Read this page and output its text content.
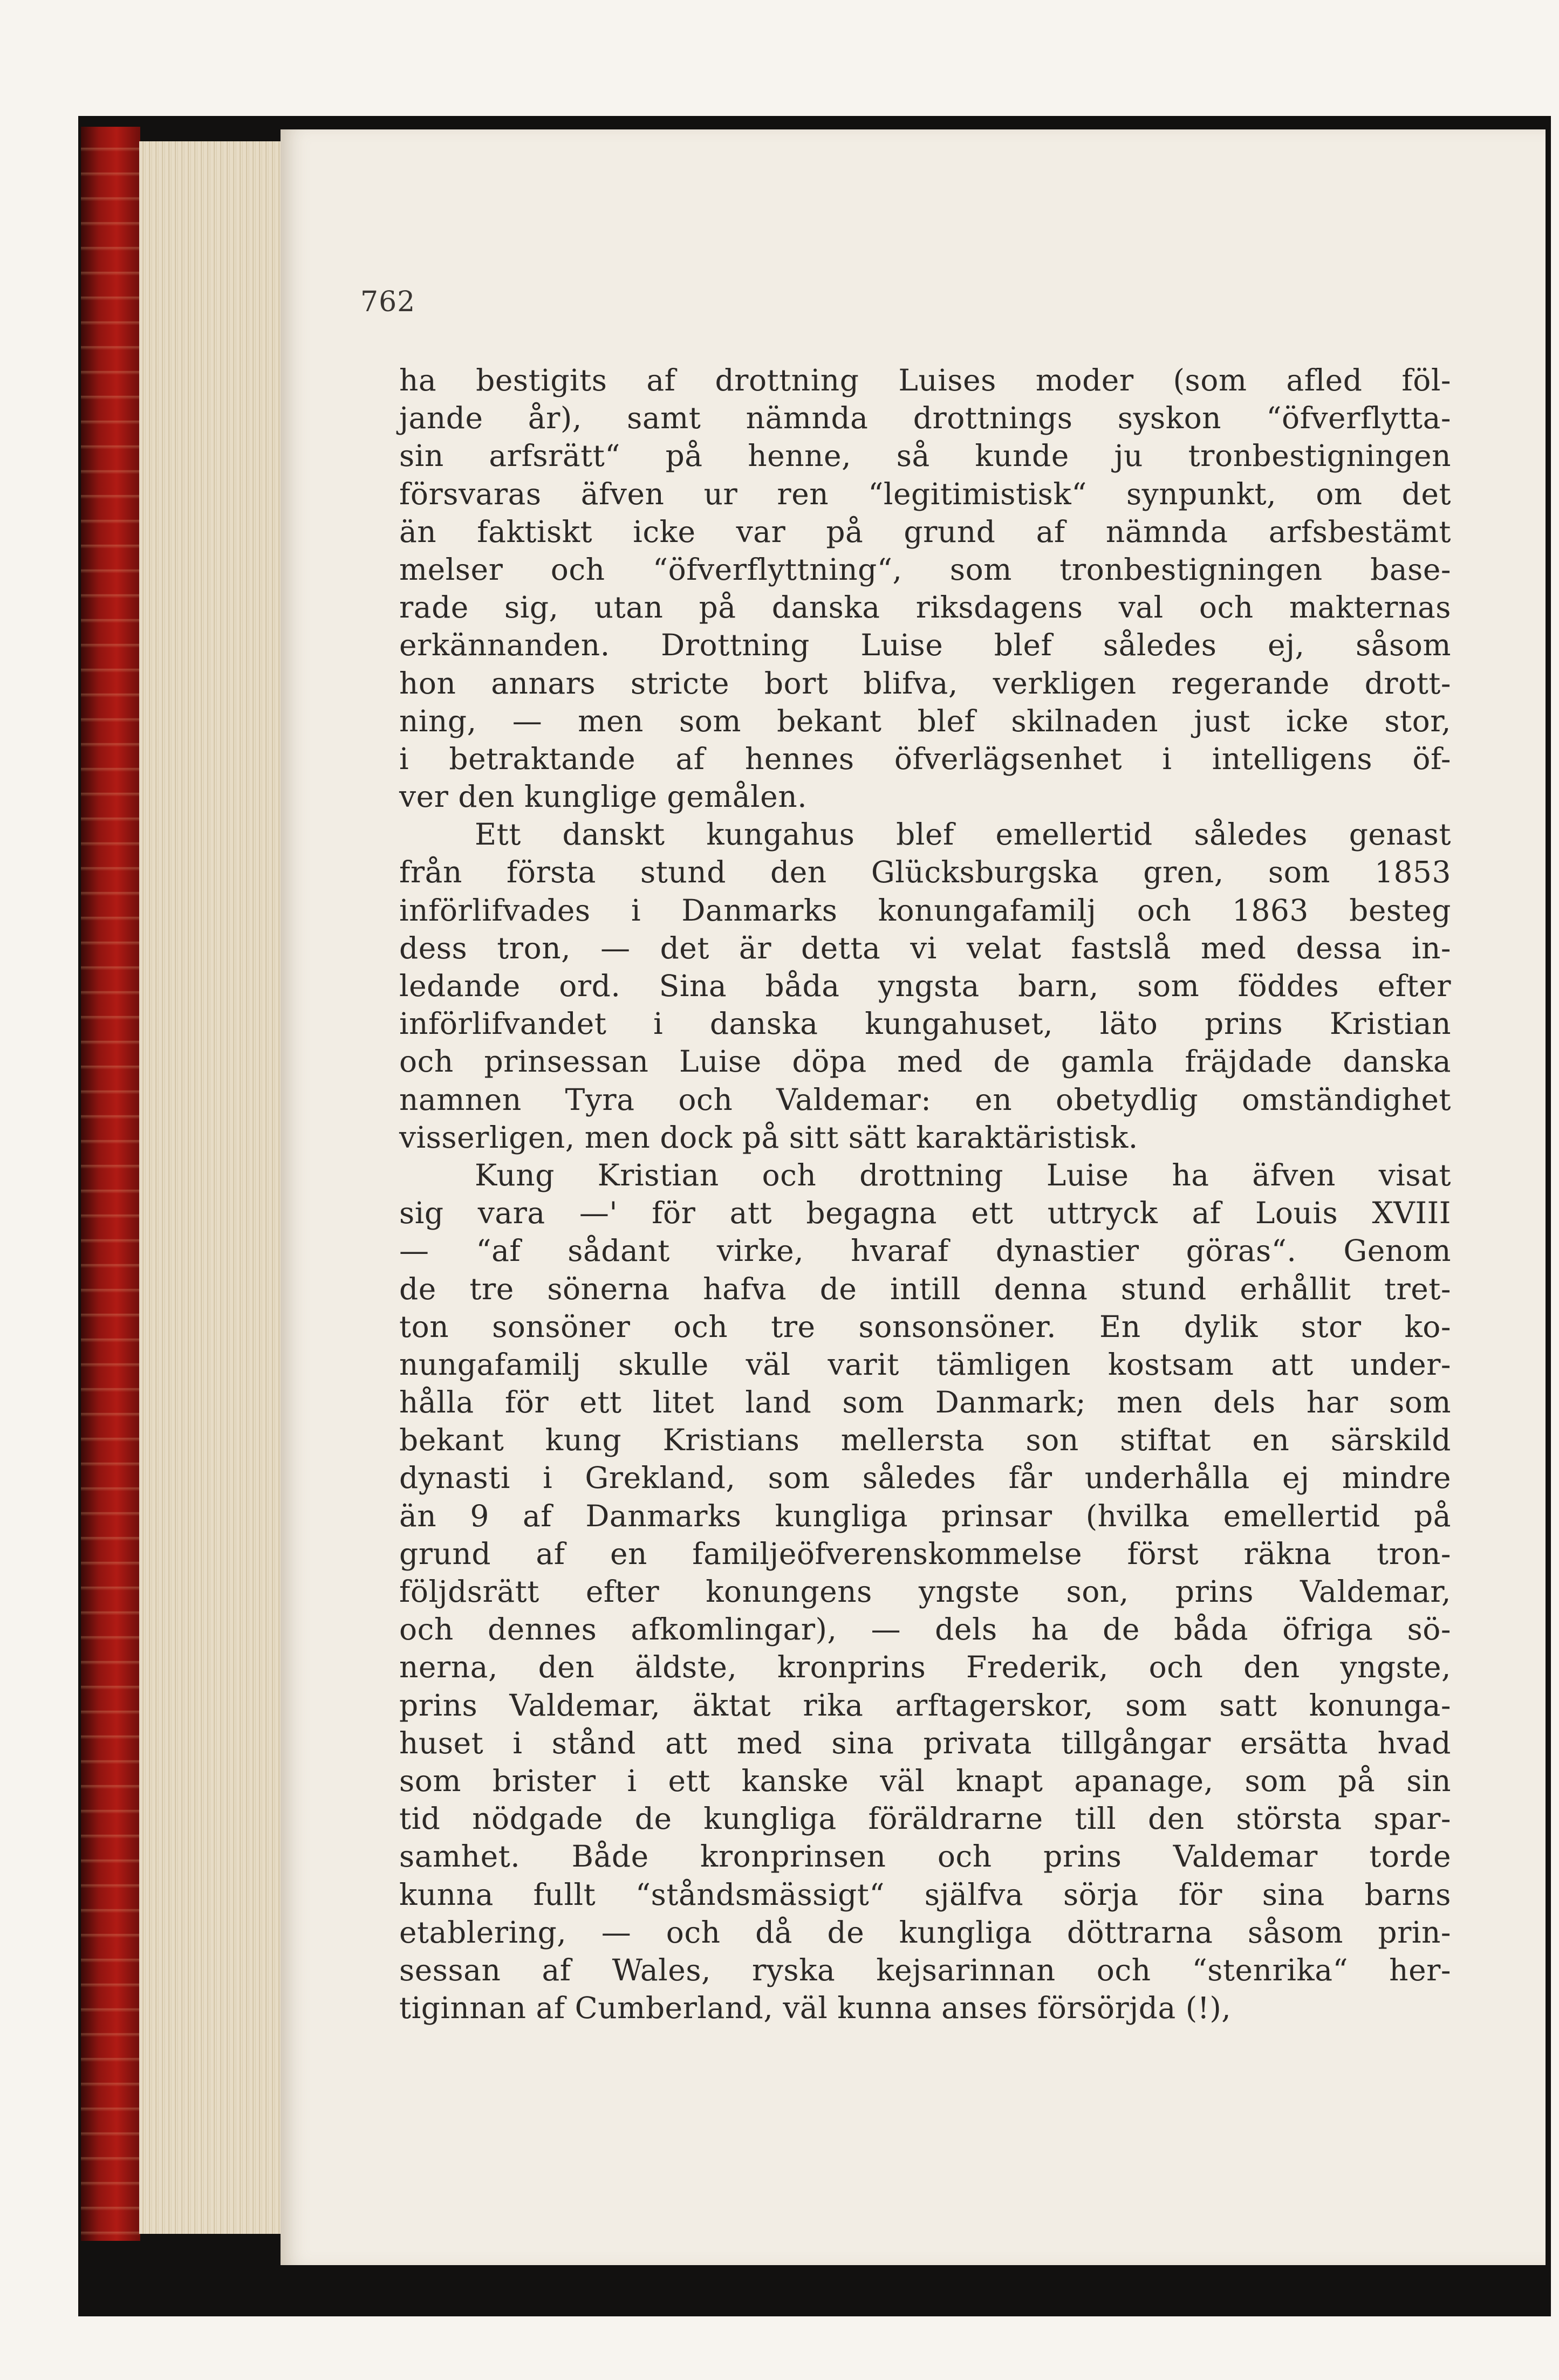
762
ha bestigits af drottning Luises moder (som afled föl-
jande år), samt nämnda drottnings syskon “öfverflytta-
sin arfsrätt“ på henne, så kunde ju tronbestigningen
försvaras äfven ur ren “legitimistisk“ synpunkt, om det
än faktiskt icke var på grund af nämnda arfsbestämt
melser och “öfverflyttning“, som tronbestigningen base-
rade sig, utan på danska riksdagens val och makternas
erkännanden. Drottning Luise blef således ej, såsom
hon annars stricte bort blifva, verkligen regerande drott-
ning, — men som bekant blef skilnaden just icke stor,
i betraktande af hennes öfverlägsenhet i intelligens öf-
ver den kunglige gemålen.
Ett danskt kungahus blef emellertid således genast
från första stund den Glücksburgska gren, som 1853
införlifvades i Danmarks konungafamilj och 1863 besteg
dess tron, — det är detta vi velat fastslå med dessa in-
ledande ord. Sina båda yngsta barn, som föddes efter
införlifvandet i danska kungahuset, läto prins Kristian
och prinsessan Luise döpa med de gamla fräjdade danska
namnen Tyra och Valdemar: en obetydlig omständighet
visserligen, men dock på sitt sätt karaktäristisk.
Kung Kristian och drottning Luise ha äfven visat
sig vara —' för att begagna ett uttryck af Louis XVIII
— “af sådant virke, hvaraf dynastier göras“. Genom
de tre sönerna hafva de intill denna stund erhållit tret-
ton sonsöner och tre sonsonsöner. En dylik stor ko-
nungafamilj skulle väl varit tämligen kostsam att under-
hålla för ett litet land som Danmark; men dels har som
bekant kung Kristians mellersta son stiftat en särskild
dynasti i Grekland, som således får underhålla ej mindre
än 9 af Danmarks kungliga prinsar (hvilka emellertid på
grund af en familjeöfverenskommelse först räkna tron-
följdsrätt efter konungens yngste son, prins Valdemar,
och dennes afkomlingar), — dels ha de båda öfriga sö-
nerna, den äldste, kronprins Frederik, och den yngste,
prins Valdemar, äktat rika arftagerskor, som satt konunga-
huset i stånd att med sina privata tillgångar ersätta hvad
som brister i ett kanske väl knapt apanage, som på sin
tid nödgade de kungliga föräldrarne till den största spar-
samhet. Både kronprinsen och prins Valdemar torde
kunna fullt “ståndsmässigt“ själfva sörja för sina barns
etablering, — och då de kungliga döttrarna såsom prin-
sessan af Wales, ryska kejsarinnan och “stenrika“ her-
tiginnan af Cumberland, väl kunna anses försörjda (!),
